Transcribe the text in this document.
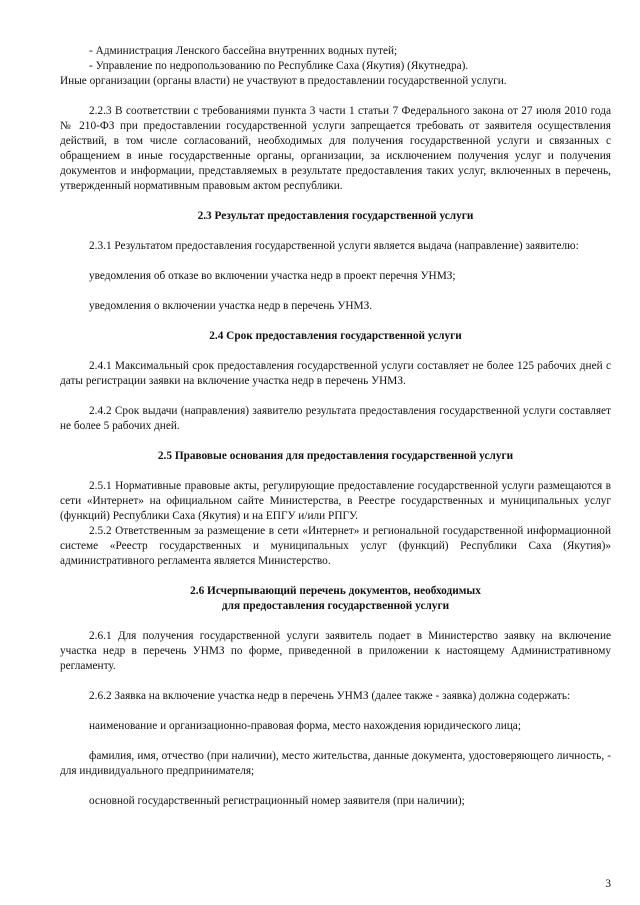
- Администрация Ленского бассейна внутренних водных путей;

- Управление по недропользованию по Республике Саха (Якутия) (Якутнедра).

Иные организации (органы власти) не участвуют в предоставлении государственной услуги.

2.2.3 В соответствии с требованиями пункта 3 части 1 статьи 7 Федерального закона от 27 июля 2010 года № 210-ФЗ при предоставлении государственной услуги запрещается требовать от заявителя осуществления действий, в том числе согласований, необходимых для получения государственной услуги и связанных с обращением в иные государственные органы, организации, за исключением получения услуг и получения документов и информации, представляемых в результате предоставления таких услуг, включенных в перечень, утвержденный нормативным правовым актом республики.

2.3 Результат предоставления государственной услуги

2.3.1 Результатом предоставления государственной услуги является выдача (направление) заявителю:

уведомления об отказе во включении участка недр в проект перечня УНМЗ;

уведомления о включении участка недр в перечень УНМЗ.

2.4 Срок предоставления государственной услуги

2.4.1 Максимальный срок предоставления государственной услуги составляет не более 125 рабочих дней с даты регистрации заявки на включение участка недр в перечень УНМЗ.

2.4.2 Срок выдачи (направления) заявителю результата предоставления государственной услуги составляет не более 5 рабочих дней.

2.5 Правовые основания для предоставления государственной услуги

2.5.1 Нормативные правовые акты, регулирующие предоставление государственной услуги размещаются в сети «Интернет» на официальном сайте Министерства, в Реестре государственных и муниципальных услуг (функций) Республики Саха (Якутия) и на ЕПГУ и/или РПГУ.

2.5.2 Ответственным за размещение в сети «Интернет» и региональной государственной информационной системе «Реестр государственных и муниципальных услуг (функций) Республики Саха (Якутия)» административного регламента является Министерство.

2.6 Исчерпывающий перечень документов, необходимых
для предоставления государственной услуги

2.6.1 Для получения государственной услуги заявитель подает в Министерство заявку на включение участка недр в перечень УНМЗ по форме, приведенной в приложении к настоящему Административному регламенту.

2.6.2 Заявка на включение участка недр в перечень УНМЗ (далее также - заявка) должна содержать:

наименование и организационно-правовая форма, место нахождения юридического лица;

фамилия, имя, отчество (при наличии), место жительства, данные документа, удостоверяющего личность, - для индивидуального предпринимателя;

основной государственный регистрационный номер заявителя (при наличии);

3
